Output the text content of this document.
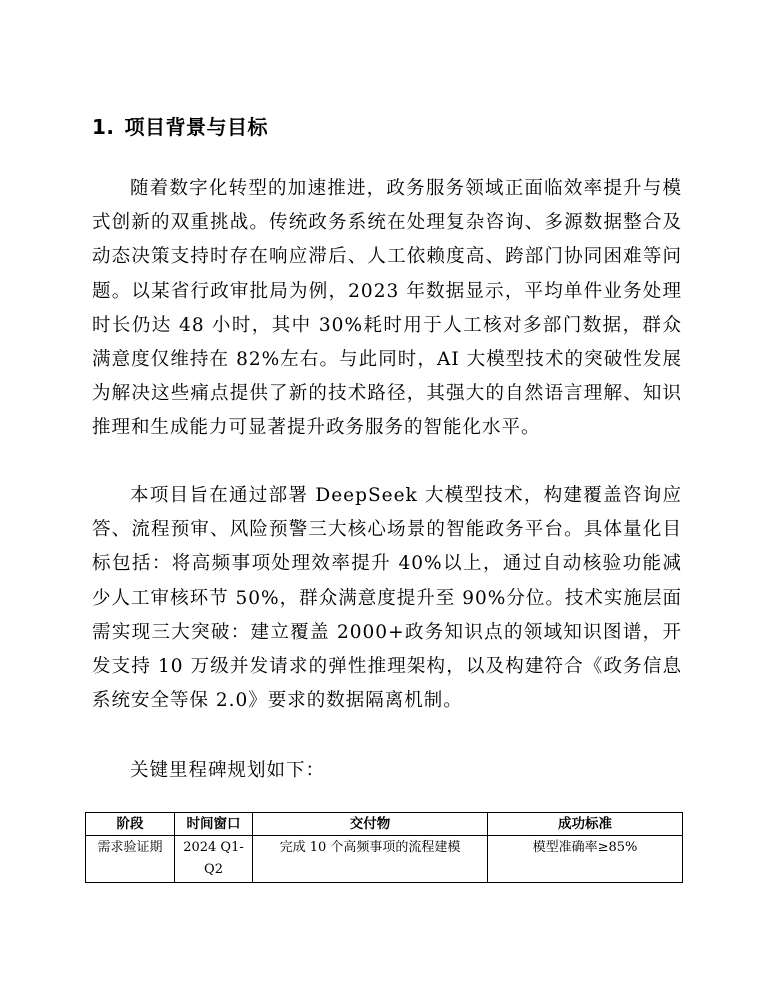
1. 项目背景与目标

随着数字化转型的加速推进，政务服务领域正面临效率提升与模式创新的双重挑战。传统政务系统在处理复杂咨询、多源数据整合及动态决策支持时存在响应滞后、人工依赖度高、跨部门协同困难等问题。以某省行政审批局为例，2023 年数据显示，平均单件业务处理时长仍达 48 小时，其中 30%耗时用于人工核对多部门数据，群众满意度仅维持在 82%左右。与此同时，AI 大模型技术的突破性发展为解决这些痛点提供了新的技术路径，其强大的自然语言理解、知识推理和生成能力可显著提升政务服务的智能化水平。

本项目旨在通过部署 DeepSeek 大模型技术，构建覆盖咨询应答、流程预审、风险预警三大核心场景的智能政务平台。具体量化目标包括：将高频事项处理效率提升 40%以上，通过自动核验功能减少人工审核环节 50%，群众满意度提升至 90%分位。技术实施层面需实现三大突破：建立覆盖 2000+政务知识点的领域知识图谱，开发支持 10 万级并发请求的弹性推理架构，以及构建符合《政务信息系统安全等保 2.0》要求的数据隔离机制。

关键里程碑规划如下：

阶段	时间窗口	交付物	成功标准
需求验证期	2024 Q1-Q2	完成 10 个高频事项的流程建模	模型准确率≥85%
